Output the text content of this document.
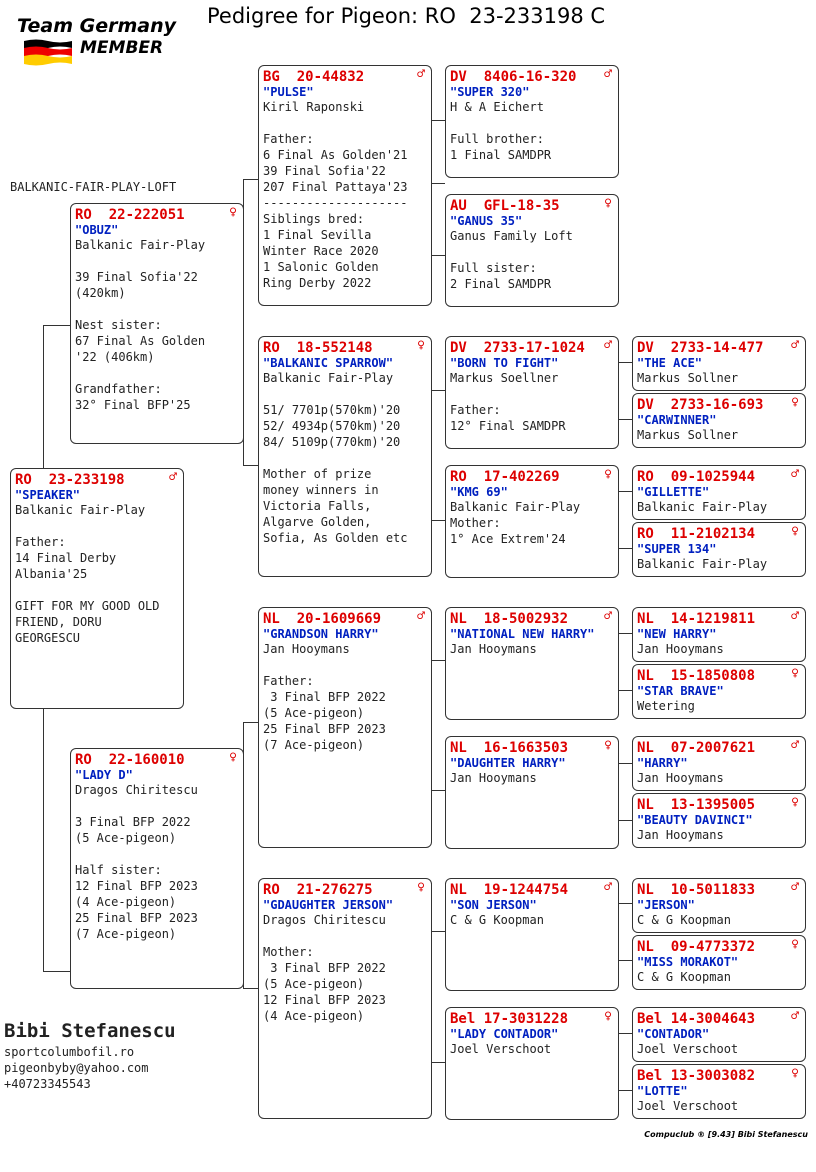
Team Germany
MEMBER
Pedigree for Pigeon: RO  23-233198 C
BALKANIC-FAIR-PLAY-LOFT
RO  23-233198	♂
"SPEAKER"
Balkanic Fair-Play

Father:
14 Final Derby
Albania'25

GIFT FOR MY GOOD OLD
FRIEND, DORU
GEORGESCU
RO  22-222051	♀
"OBUZ"
Balkanic Fair-Play

39 Final Sofia'22
(420km)

Nest sister:
67 Final As Golden
'22 (406km)

Grandfather:
32° Final BFP'25
RO  22-160010	♀
"LADY D"
Dragos Chiritescu

3 Final BFP 2022
(5 Ace-pigeon)

Half sister:
12 Final BFP 2023
(4 Ace-pigeon)
25 Final BFP 2023
(7 Ace-pigeon)
BG  20-44832	♂
"PULSE"
Kiril Raponski

Father:
6 Final As Golden'21
39 Final Sofia'22
207 Final Pattaya'23
--------------------
Siblings bred:
1 Final Sevilla
Winter Race 2020
1 Salonic Golden
Ring Derby 2022
RO  18-552148	♀
"BALKANIC SPARROW"
Balkanic Fair-Play

51/ 7701p(570km)'20
52/ 4934p(570km)'20
84/ 5109p(770km)'20

Mother of prize
money winners in
Victoria Falls,
Algarve Golden,
Sofia, As Golden etc
NL  20-1609669	♂
"GRANDSON HARRY"
Jan Hooymans

Father:
3 Final BFP 2022
(5 Ace-pigeon)
25 Final BFP 2023
(7 Ace-pigeon)
RO  21-276275	♀
"GDAUGHTER JERSON"
Dragos Chiritescu

Mother:
3 Final BFP 2022
(5 Ace-pigeon)
12 Final BFP 2023
(4 Ace-pigeon)
DV  8406-16-320	♂
"SUPER 320"
H & A Eichert

Full brother:
1 Final SAMDPR
AU  GFL-18-35	♀
"GANUS 35"
Ganus Family Loft

Full sister:
2 Final SAMDPR
DV  2733-17-1024	♂
"BORN TO FIGHT"
Markus Soellner

Father:
12° Final SAMDPR
RO  17-402269	♀
"KMG 69"
Balkanic Fair-Play
Mother:
1° Ace Extrem'24
NL  18-5002932	♂
"NATIONAL NEW HARRY"
Jan Hooymans
NL  16-1663503	♀
"DAUGHTER HARRY"
Jan Hooymans
NL  19-1244754	♂
"SON JERSON"
C & G Koopman
Bel 17-3031228	♀
"LADY CONTADOR"
Joel Verschoot
DV  2733-14-477	♂
"THE ACE"
Markus Sollner
DV  2733-16-693	♀
"CARWINNER"
Markus Sollner
RO  09-1025944	♂
"GILLETTE"
Balkanic Fair-Play
RO  11-2102134	♀
"SUPER 134"
Balkanic Fair-Play
NL  14-1219811	♂
"NEW HARRY"
Jan Hooymans
NL  15-1850808	♀
"STAR BRAVE"
Wetering
NL  07-2007621	♂
"HARRY"
Jan Hooymans
NL  13-1395005	♀
"BEAUTY DAVINCI"
Jan Hooymans
NL  10-5011833	♂
"JERSON"
C & G Koopman
NL  09-4773372	♀
"MISS MORAKOT"
C & G Koopman
Bel 14-3004643	♂
"CONTADOR"
Joel Verschoot
Bel 13-3003082	♀
"LOTTE"
Joel Verschoot
Bibi Stefanescu
sportcolumbofil.ro
pigeonbyby@yahoo.com
+40723345543
Compuclub ® [9.43] Bibi Stefanescu
